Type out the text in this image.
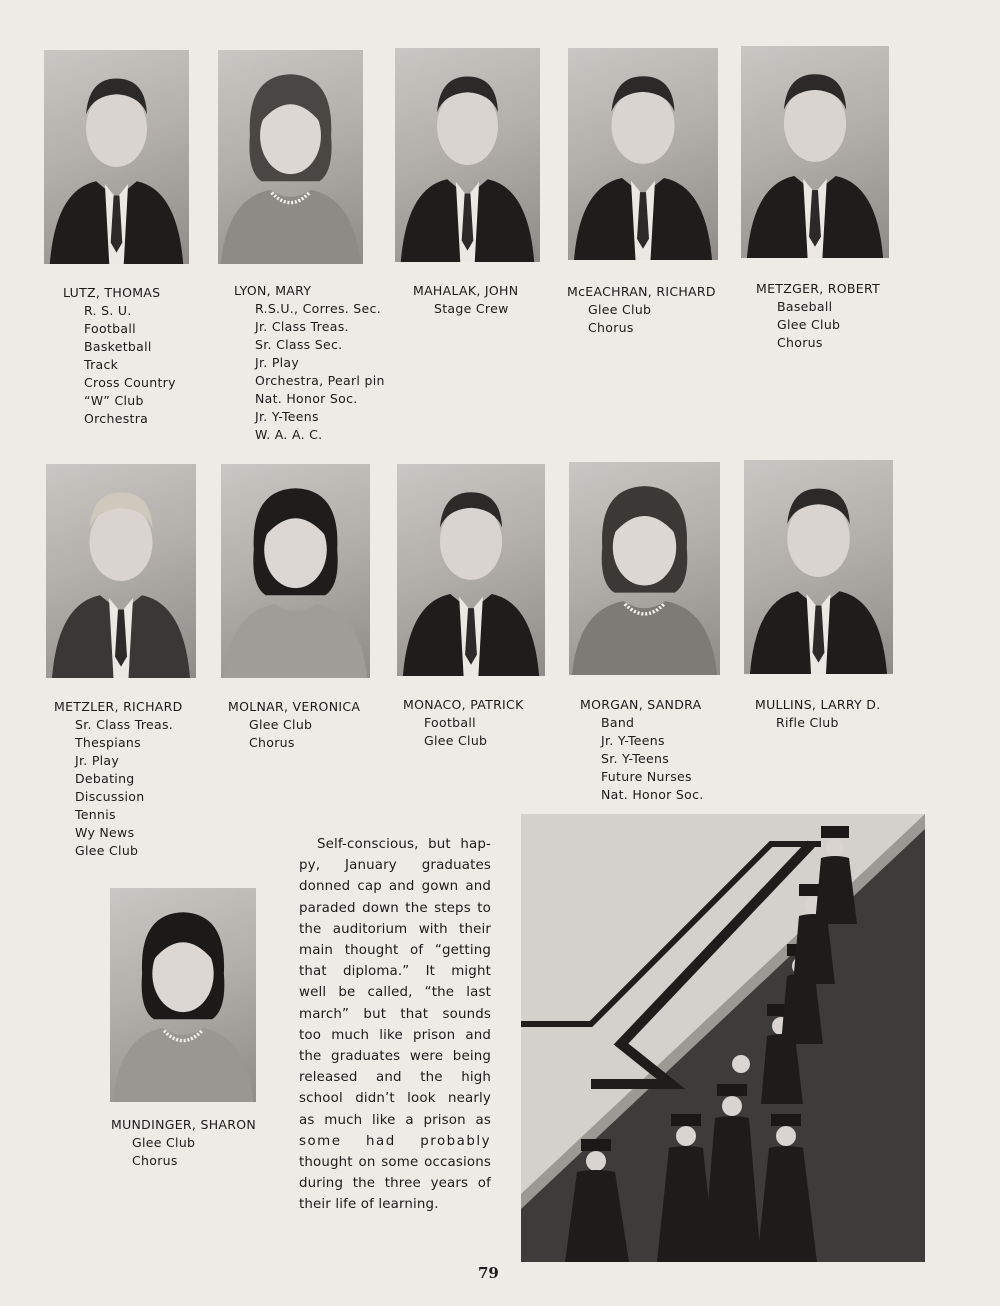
LUTZ, THOMAS
R. S. U.
Football
Basketball
Track
Cross Country
“W” Club
Orchestra
LYON, MARY
R.S.U., Corres. Sec.
Jr. Class Treas.
Sr. Class Sec.
Jr. Play
Orchestra, Pearl pin
Nat. Honor Soc.
Jr. Y-Teens
W. A. A. C.
MAHALAK, JOHN
Stage Crew
McEACHRAN, RICHARD
Glee Club
Chorus
METZGER, ROBERT
Baseball
Glee Club
Chorus
METZLER, RICHARD
Sr. Class Treas.
Thespians
Jr. Play
Debating
Discussion
Tennis
Wy News
Glee Club
MOLNAR, VERONICA
Glee Club
Chorus
MONACO, PATRICK
Football
Glee Club
MORGAN, SANDRA
Band
Jr. Y-Teens
Sr. Y-Teens
Future Nurses
Nat. Honor Soc.
MULLINS, LARRY D.
Rifle Club
MUNDINGER, SHARON
Glee Club
Chorus
Self-conscious, but hap-
py, January graduates
donned cap and gown and
paraded down the steps to
the auditorium with their
main thought of “getting
that diploma.” It might
well be called, “the last
march” but that sounds
too much like prison and
the graduates were being
released and the high
school didn’t look nearly
as much like a prison as
some had probably
thought on some occasions
during the three years of
their life of learning.
79
